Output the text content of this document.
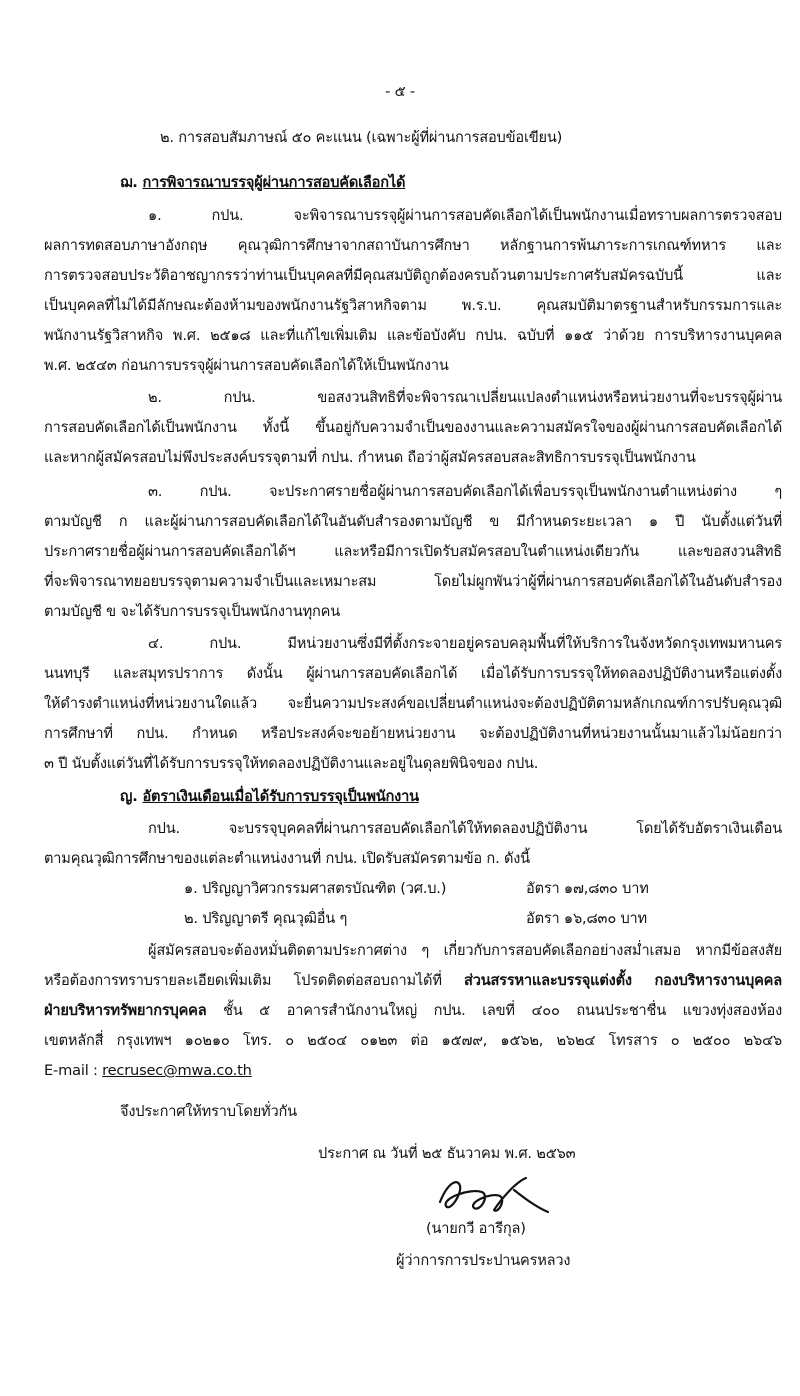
- ๕ -
๒. การสอบสัมภาษณ์ ๕๐ คะแนน (เฉพาะผู้ที่ผ่านการสอบข้อเขียน)
ฌ. การพิจารณาบรรจุผู้ผ่านการสอบคัดเลือกได้
๑. กปน. จะพิจารณาบรรจุผู้ผ่านการสอบคัดเลือกได้เป็นพนักงานเมื่อทราบผลการตรวจสอบ
ผลการทดสอบภาษาอังกฤษ คุณวุฒิการศึกษาจากสถาบันการศึกษา หลักฐานการพ้นภาระการเกณฑ์ทหาร และ
การตรวจสอบประวัติอาชญากรรว่าท่านเป็นบุคคลที่มีคุณสมบัติถูกต้องครบถ้วนตามประกาศรับสมัครฉบับนี้ และ
เป็นบุคคลที่ไม่ได้มีลักษณะต้องห้ามของพนักงานรัฐวิสาหกิจตาม พ.ร.บ. คุณสมบัติมาตรฐานสำหรับกรรมการและ
พนักงานรัฐวิสาหกิจ พ.ศ. ๒๕๑๘ และที่แก้ไขเพิ่มเติม และข้อบังคับ กปน. ฉบับที่ ๑๑๕ ว่าด้วย การบริหารงานบุคคล
พ.ศ. ๒๕๔๓ ก่อนการบรรจุผู้ผ่านการสอบคัดเลือกได้ให้เป็นพนักงาน
๒. กปน. ขอสงวนสิทธิที่จะพิจารณาเปลี่ยนแปลงตำแหน่งหรือหน่วยงานที่จะบรรจุผู้ผ่าน
การสอบคัดเลือกได้เป็นพนักงาน ทั้งนี้ ขึ้นอยู่กับความจำเป็นของงานและความสมัครใจของผู้ผ่านการสอบคัดเลือกได้
และหากผู้สมัครสอบไม่พึงประสงค์บรรจุตามที่ กปน. กำหนด ถือว่าผู้สมัครสอบสละสิทธิการบรรจุเป็นพนักงาน
๓. กปน. จะประกาศรายชื่อผู้ผ่านการสอบคัดเลือกได้เพื่อบรรจุเป็นพนักงานตำแหน่งต่าง ๆ
ตามบัญชี ก และผู้ผ่านการสอบคัดเลือกได้ในอันดับสำรองตามบัญชี ข มีกำหนดระยะเวลา ๑ ปี นับตั้งแต่วันที่
ประกาศรายชื่อผู้ผ่านการสอบคัดเลือกได้ฯ และหรือมีการเปิดรับสมัครสอบในตำแหน่งเดียวกัน และขอสงวนสิทธิ
ที่จะพิจารณาทยอยบรรจุตามความจำเป็นและเหมาะสม โดยไม่ผูกพันว่าผู้ที่ผ่านการสอบคัดเลือกได้ในอันดับสำรอง
ตามบัญชี ข จะได้รับการบรรจุเป็นพนักงานทุกคน
๔. กปน. มีหน่วยงานซึ่งมีที่ตั้งกระจายอยู่ครอบคลุมพื้นที่ให้บริการในจังหวัดกรุงเทพมหานคร
นนทบุรี และสมุทรปราการ ดังนั้น ผู้ผ่านการสอบคัดเลือกได้ เมื่อได้รับการบรรจุให้ทดลองปฏิบัติงานหรือแต่งตั้ง
ให้ดำรงตำแหน่งที่หน่วยงานใดแล้ว จะยื่นความประสงค์ขอเปลี่ยนตำแหน่งจะต้องปฏิบัติตามหลักเกณฑ์การปรับคุณวุฒิ
การศึกษาที่ กปน. กำหนด หรือประสงค์จะขอย้ายหน่วยงาน จะต้องปฏิบัติงานที่หน่วยงานนั้นมาแล้วไม่น้อยกว่า
๓ ปี นับตั้งแต่วันที่ได้รับการบรรจุให้ทดลองปฏิบัติงานและอยู่ในดุลยพินิจของ กปน.
ญ. อัตราเงินเดือนเมื่อได้รับการบรรจุเป็นพนักงาน
กปน. จะบรรจุบุคคลที่ผ่านการสอบคัดเลือกได้ให้ทดลองปฏิบัติงาน โดยได้รับอัตราเงินเดือน
ตามคุณวุฒิการศึกษาของแต่ละตำแหน่งงานที่ กปน. เปิดรับสมัครตามข้อ ก. ดังนี้
๑. ปริญญาวิศวกรรมศาสตรบัณฑิต (วศ.บ.)	อัตรา ๑๗,๘๓๐ บาท
๒. ปริญญาตรี คุณวุฒิอื่น ๆ	อัตรา ๑๖,๘๓๐ บาท
ผู้สมัครสอบจะต้องหมั่นติดตามประกาศต่าง ๆ เกี่ยวกับการสอบคัดเลือกอย่างสม่ำเสมอ หากมีข้อสงสัย
หรือต้องการทราบรายละเอียดเพิ่มเติม โปรดติดต่อสอบถามได้ที่ ส่วนสรรหาและบรรจุแต่งตั้ง กองบริหารงานบุคคล
ฝ่ายบริหารทรัพยากรบุคคล ชั้น ๕ อาคารสำนักงานใหญ่ กปน. เลขที่ ๔๐๐ ถนนประชาชื่น แขวงทุ่งสองห้อง
เขตหลักสี่ กรุงเทพฯ ๑๐๒๑๐ โทร. ๐ ๒๕๐๔ ๐๑๒๓ ต่อ ๑๕๗๙, ๑๕๖๒, ๒๖๒๔ โทรสาร ๐ ๒๕๐๐ ๒๖๔๖
E-mail : recrusec@mwa.co.th
จึงประกาศให้ทราบโดยทั่วกัน
ประกาศ ณ วันที่ ๒๕ ธันวาคม พ.ศ. ๒๕๖๓
(นายกวี อารีกุล)
ผู้ว่าการการประปานครหลวง
